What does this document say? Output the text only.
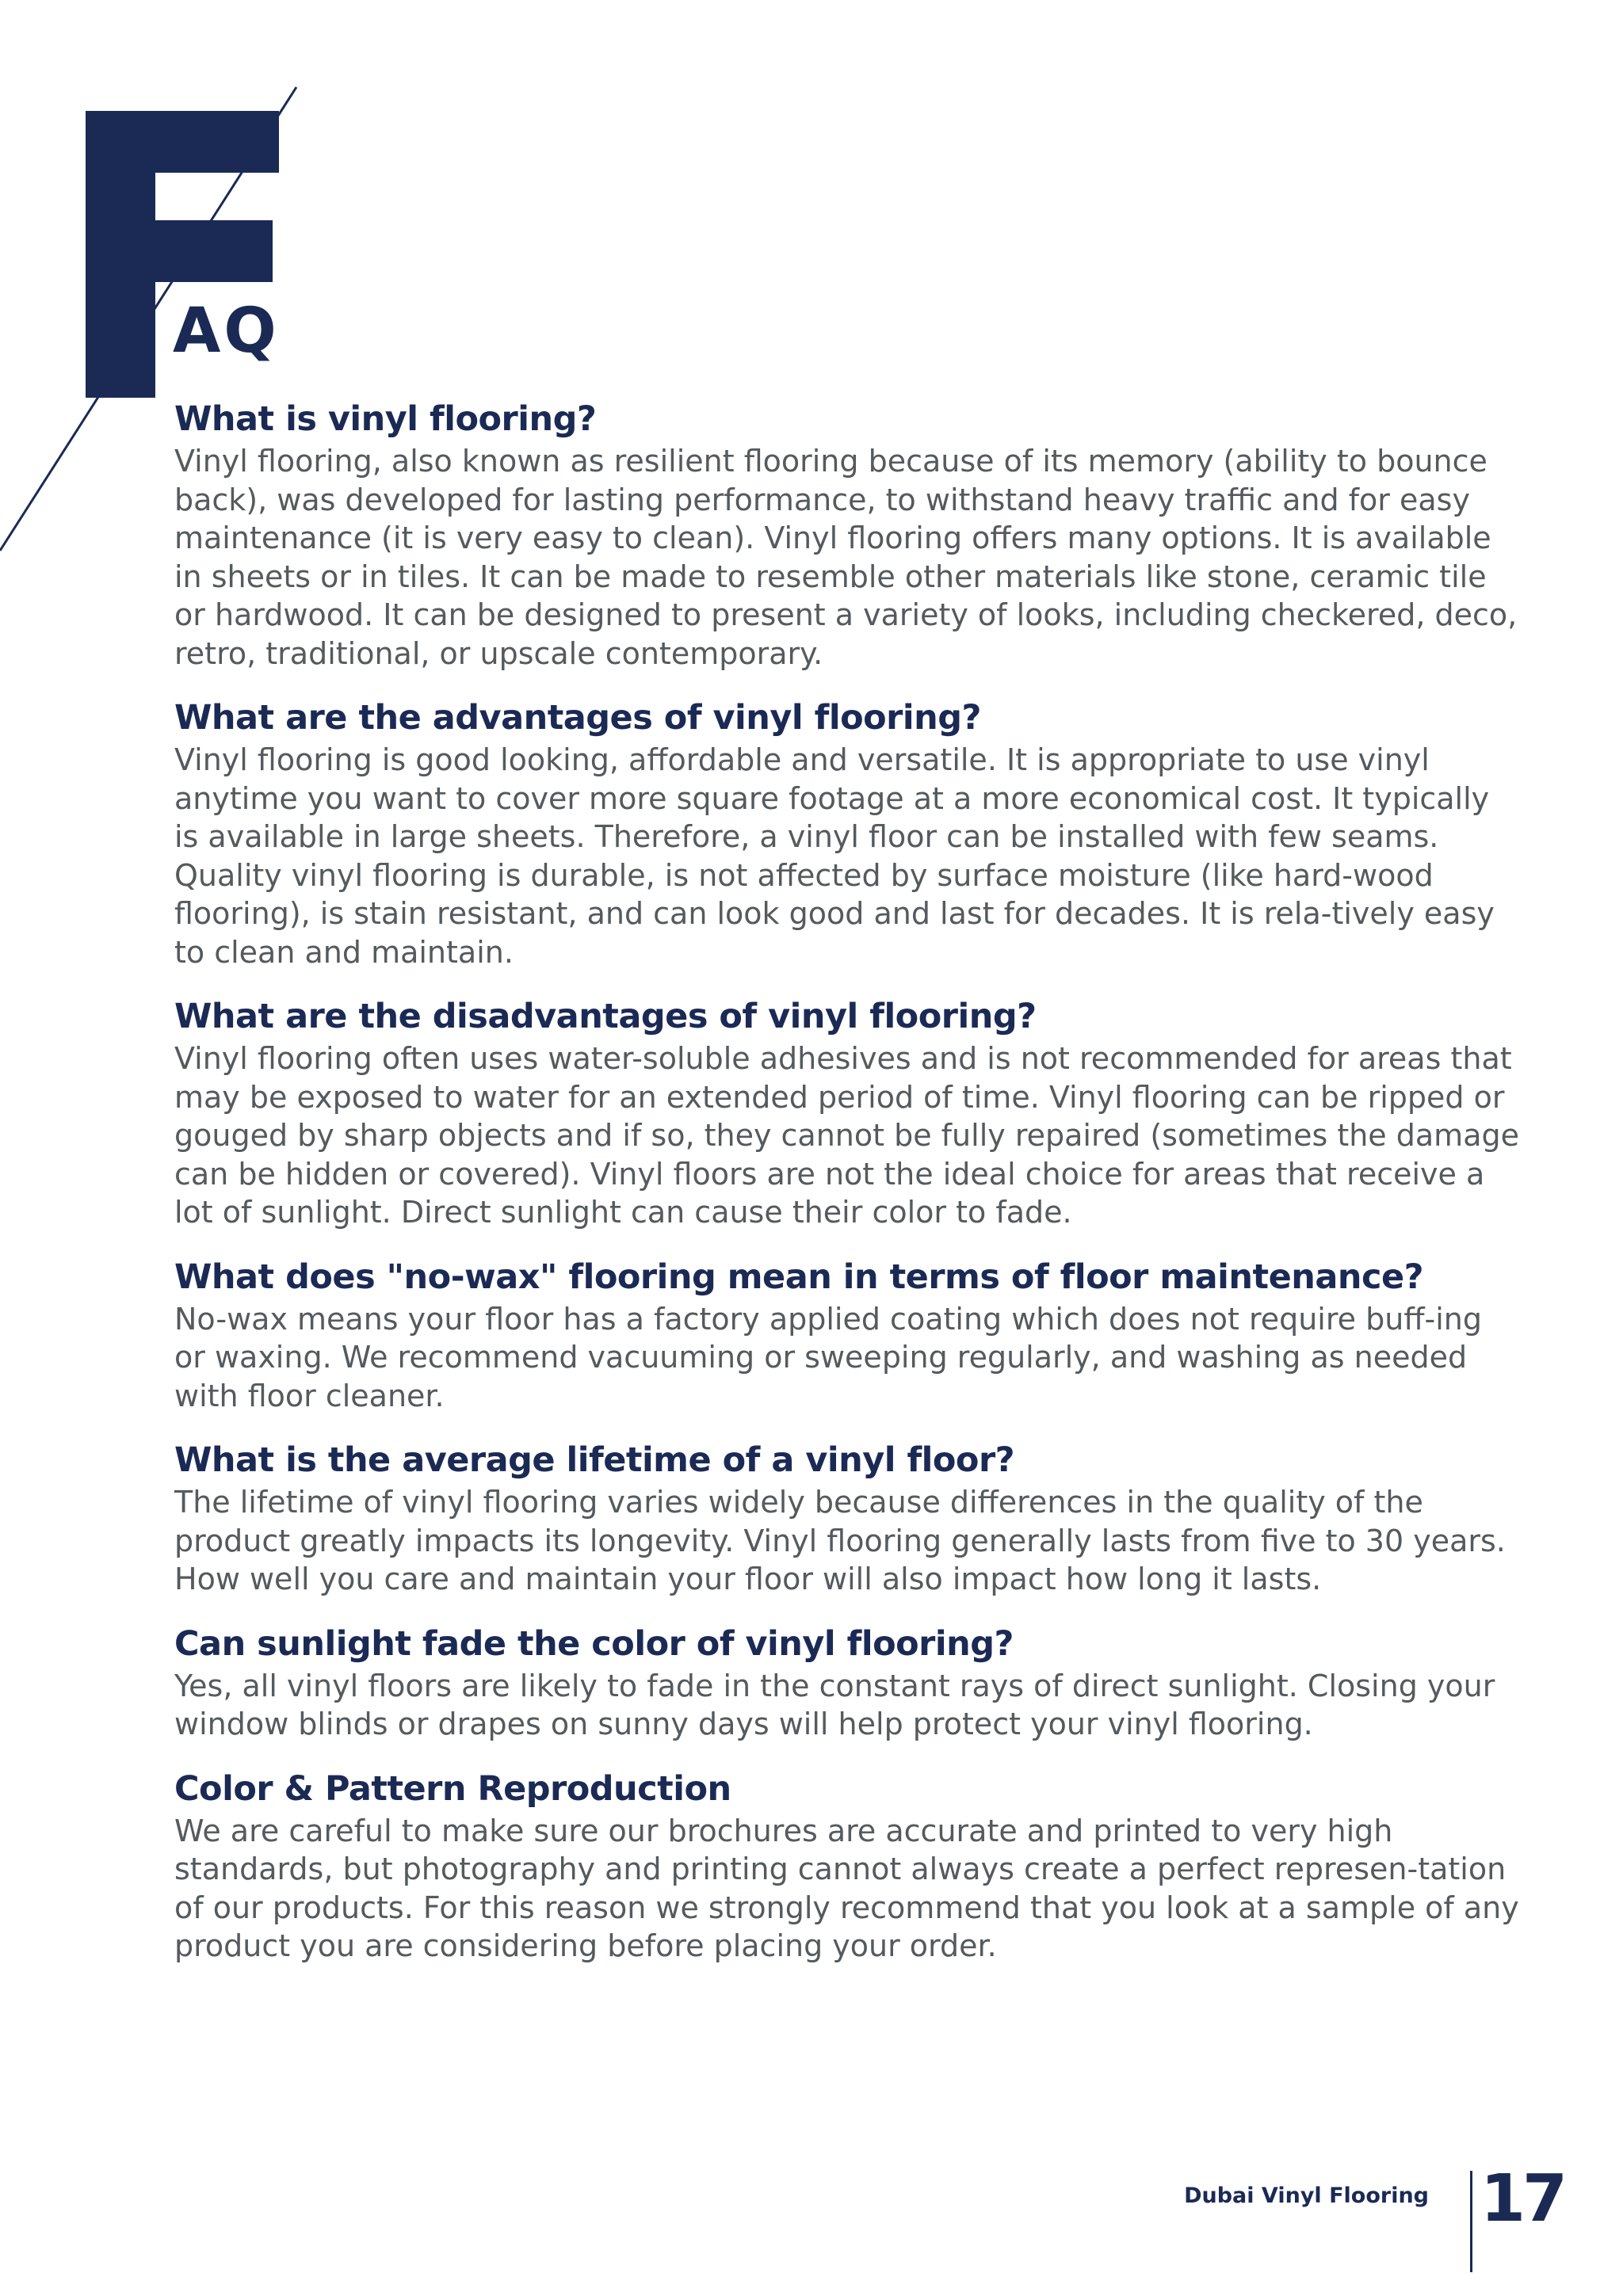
AQ
What is vinyl flooring?

Vinyl flooring, also known as resilient flooring because of its memory (ability to bounce back), was developed for lasting performance, to withstand heavy traffic and for easy maintenance (it is very easy to clean). Vinyl flooring offers many options. It is available in sheets or in tiles. It can be made to resemble other materials like stone, ceramic tile or hardwood. It can be designed to present a variety of looks, including checkered, deco, retro, traditional, or upscale contemporary.

What are the advantages of vinyl flooring?

Vinyl flooring is good looking, affordable and versatile. It is appropriate to use vinyl anytime you want to cover more square footage at a more economical cost. It typically is available in large sheets. Therefore, a vinyl floor can be installed with few seams. Quality vinyl flooring is durable, is not affected by surface moisture (like hard-wood flooring), is stain resistant, and can look good and last for decades. It is rela-tively easy to clean and maintain.

What are the disadvantages of vinyl flooring?

Vinyl flooring often uses water-soluble adhesives and is not recommended for areas that may be exposed to water for an extended period of time. Vinyl flooring can be ripped or gouged by sharp objects and if so, they cannot be fully repaired (sometimes the damage can be hidden or covered). Vinyl floors are not the ideal choice for areas that receive a lot of sunlight. Direct sunlight can cause their color to fade.

What does "no-wax" flooring mean in terms of floor maintenance?

No-wax means your floor has a factory applied coating which does not require buff-ing or waxing. We recommend vacuuming or sweeping regularly, and washing as needed with floor cleaner.

What is the average lifetime of a vinyl floor?

The lifetime of vinyl flooring varies widely because differences in the quality of the product greatly impacts its longevity. Vinyl flooring generally lasts from five to 30 years. How well you care and maintain your floor will also impact how long it lasts.

Can sunlight fade the color of vinyl flooring?

Yes, all vinyl floors are likely to fade in the constant rays of direct sunlight. Closing your window blinds or drapes on sunny days will help protect your vinyl flooring.

Color & Pattern Reproduction

We are careful to make sure our brochures are accurate and printed to very high standards, but photography and printing cannot always create a perfect represen-tation of our products. For this reason we strongly recommend that you look at a sample of any product you are considering before placing your order.

Dubai Vinyl Flooring 17
